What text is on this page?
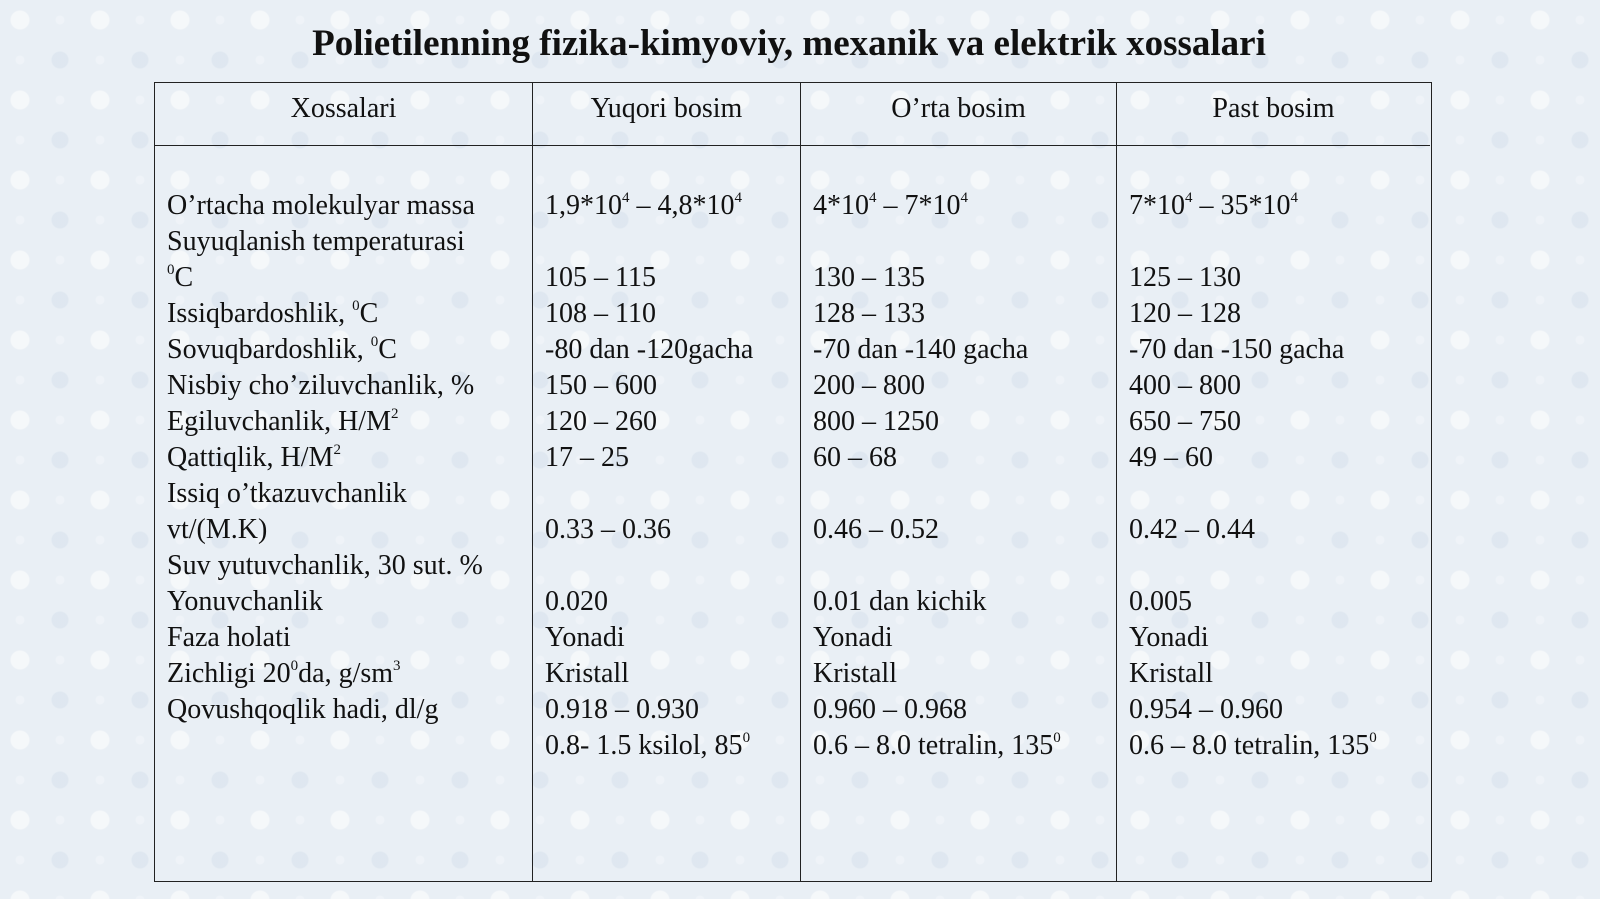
Polietilenning fizika-kimyoviy, mexanik va elektrik xossalari
Xossalari
O’rtacha molekulyar massa
Suyuqlanish temperaturasi
$^0$C
Issiqbardoshlik, $^0$C
Sovuqbardoshlik, $^0$C
Nisbiy cho’ziluvchanlik, %
Egiluvchanlik, $H/M^2$
Qattiqlik, $H/M^2$
Issiq o’tkazuvchanlik
vt/(M.K)
Suv yutuvchanlik, 30 sut. %
Yonuvchanlik
Faza holati
Zichligi $20^0da$, $g/sm^3$
Qovushqoqlik hadi, dl/g
Yuqori bosim
$1,9*10^4 - 4,8*10^4$
105 – 115
108 – 110
-80 dan -120gacha
150 – 600
120 – 260
17 – 25
0.33 – 0.36
0.020
Yonadi
Kristall
0.918 – 0.930
0.8- 1.5 ksilol, $85^0$
O’rta bosim
$4*10^4 - 7*10^4$
130 – 135
128 – 133
-70 dan -140 gacha
200 – 800
800 – 1250
60 – 68
0.46 – 0.52
0.01 dan kichik
Yonadi
Kristall
0.960 – 0.968
0.6 – 8.0 tetralin, $135^0$
Past bosim
$7*10^4 - 35*10^4$
125 – 130
120 – 128
-70 dan -150 gacha
400 – 800
650 – 750
49 – 60
0.42 – 0.44
0.005
Yonadi
Kristall
0.954 – 0.960
0.6 – 8.0 tetralin, $135^0$
